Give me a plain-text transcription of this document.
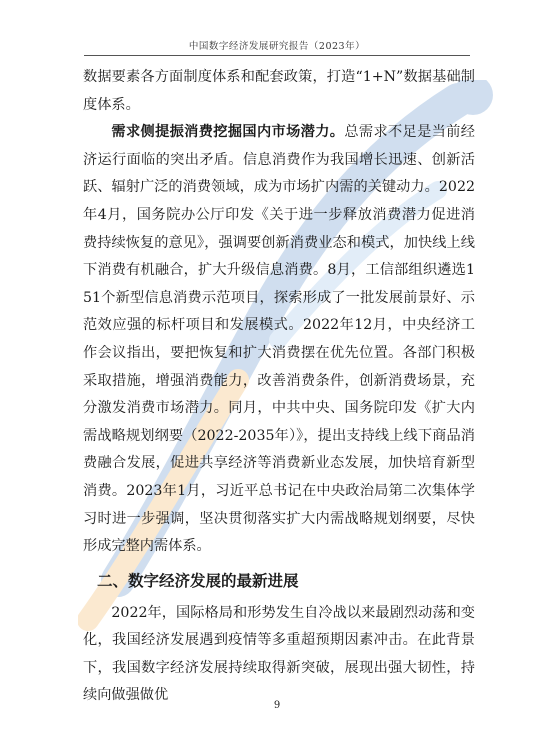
中国数字经济发展研究报告（2023年）

数据要素各方面制度体系和配套政策，打造“1+N”数据基础制度体系。

需求侧提振消费挖掘国内市场潜力。总需求不足是当前经济运行面临的突出矛盾。信息消费作为我国增长迅速、创新活跃、辐射广泛的消费领域，成为市场扩内需的关键动力。2022年4月，国务院办公厅印发《关于进一步释放消费潜力促进消费持续恢复的意见》，强调要创新消费业态和模式，加快线上线下消费有机融合，扩大升级信息消费。8月，工信部组织遴选151个新型信息消费示范项目，探索形成了一批发展前景好、示范效应强的标杆项目和发展模式。2022年12月，中央经济工作会议指出，要把恢复和扩大消费摆在优先位置。各部门积极采取措施，增强消费能力，改善消费条件，创新消费场景，充分激发消费市场潜力。同月，中共中央、国务院印发《扩大内需战略规划纲要（2022-2035年）》，提出支持线上线下商品消费融合发展，促进共享经济等消费新业态发展，加快培育新型消费。2023年1月，习近平总书记在中央政治局第二次集体学习时进一步强调，坚决贯彻落实扩大内需战略规划纲要，尽快形成完整内需体系。

二、数字经济发展的最新进展

2022年，国际格局和形势发生自冷战以来最剧烈动荡和变化，我国经济发展遇到疫情等多重超预期因素冲击。在此背景下，我国数字经济发展持续取得新突破，展现出强大韧性，持续向做强做优

9
